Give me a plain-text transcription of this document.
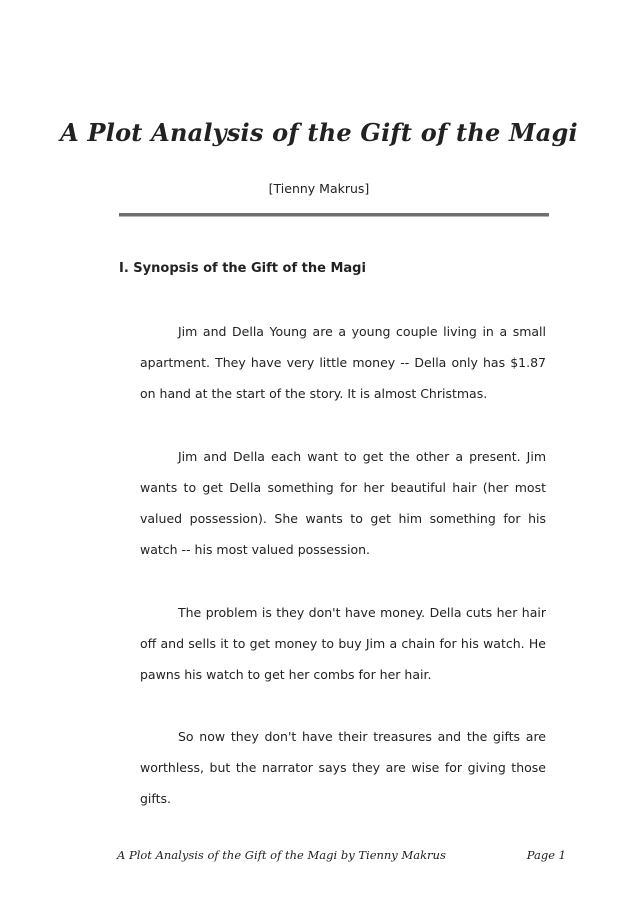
A Plot Analysis of the Gift of the Magi
[Tienny Makrus]
I. Synopsis of the Gift of the Magi

Jim and Della Young are a young couple living in a small apartment. They have very little money -- Della only has $1.87 on hand at the start of the story. It is almost Christmas.

Jim and Della each want to get the other a present. Jim wants to get Della something for her beautiful hair (her most valued possession). She wants to get him something for his watch -- his most valued possession.

The problem is they don't have money. Della cuts her hair off and sells it to get money to buy Jim a chain for his watch. He pawns his watch to get her combs for her hair.

So now they don't have their treasures and the gifts are worthless, but the narrator says they are wise for giving those gifts.

A Plot Analysis of the Gift of the Magi by Tienny Makrus	Page 1
